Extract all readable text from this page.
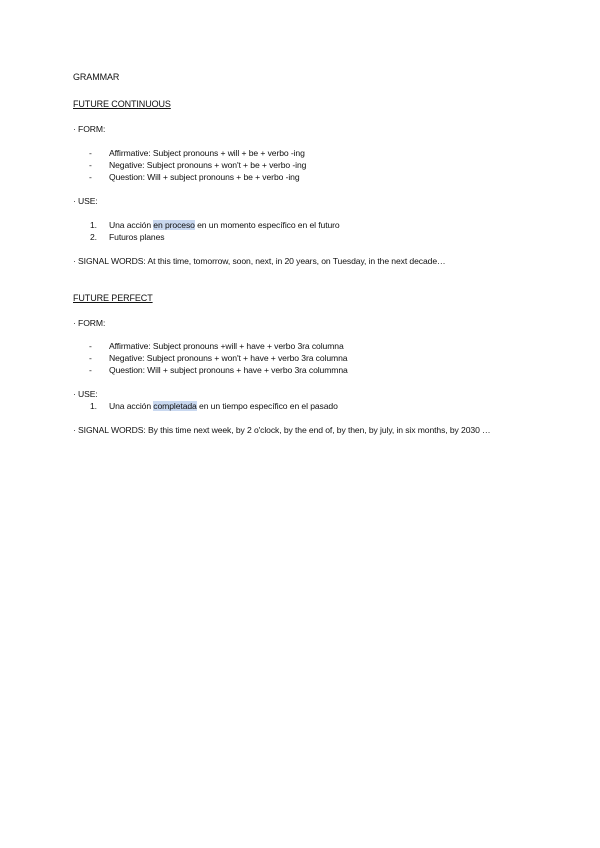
GRAMMAR
FUTURE CONTINUOUS
· FORM:
- Affirmative: Subject pronouns + will + be + verbo -ing
- Negative: Subject pronouns + won't + be + verbo -ing
- Question: Will + subject pronouns + be + verbo -ing
· USE:
1. Una acción en proceso en un momento específico en el futuro
2. Futuros planes
· SIGNAL WORDS: At this time, tomorrow, soon, next, in 20 years, on Tuesday, in the next decade…
FUTURE PERFECT
· FORM:
- Affirmative: Subject pronouns +will + have + verbo 3ra columna
- Negative: Subject pronouns + won't + have + verbo 3ra columna
- Question: Will + subject pronouns + have + verbo 3ra colummna
· USE:
1. Una acción completada en un tiempo específico en el pasado
· SIGNAL WORDS: By this time next week, by 2 o'clock, by the end of, by then, by july, in six months, by 2030 …
